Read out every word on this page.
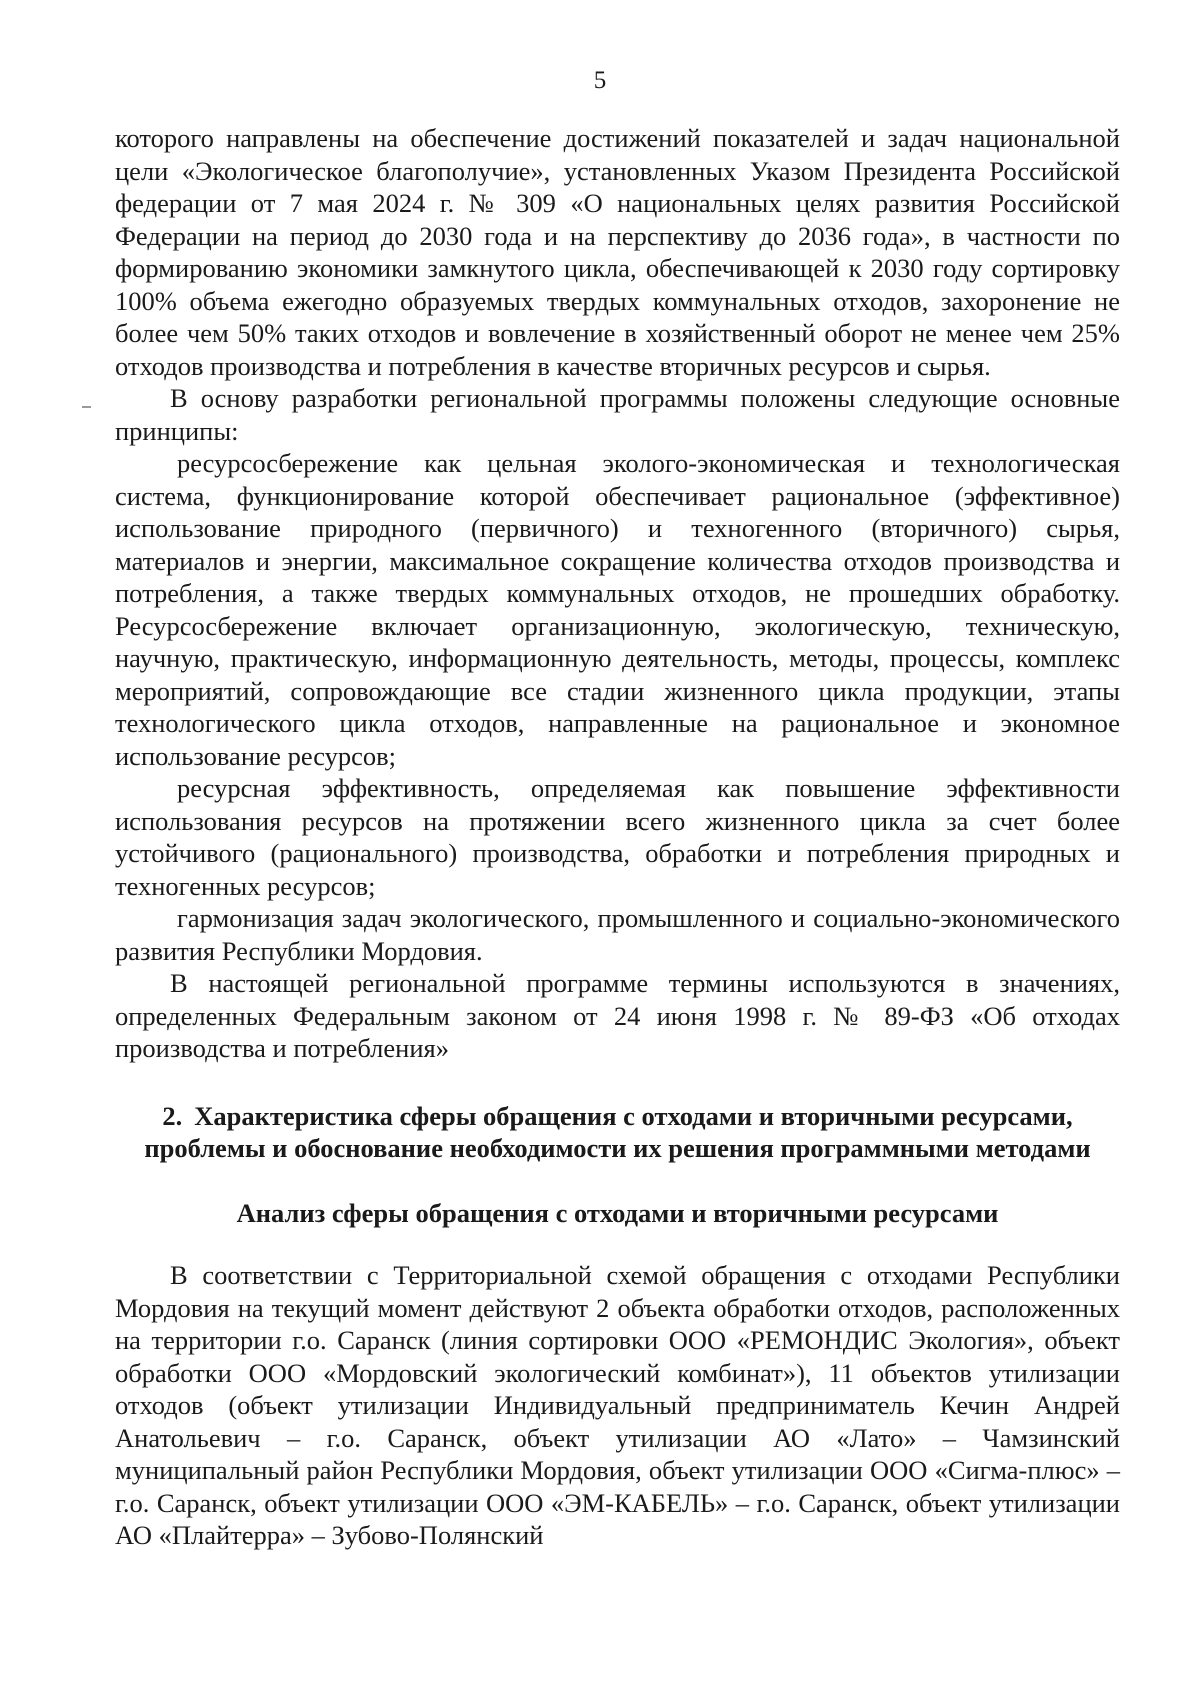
5

которого направлены на обеспечение достижений показателей и задач национальной цели «Экологическое благополучие», установленных Указом Президента Российской федерации от 7 мая 2024 г. № 309 «О национальных целях развития Российской Федерации на период до 2030 года и на перспективу до 2036 года», в частности по формированию экономики замкнутого цикла, обеспечивающей к 2030 году сортировку 100% объема ежегодно образуемых твердых коммунальных отходов, захоронение не более чем 50% таких отходов и вовлечение в хозяйственный оборот не менее чем 25% отходов производства и потребления в качестве вторичных ресурсов и сырья.

В основу разработки региональной программы положены следующие основные принципы:

ресурсосбережение как цельная эколого-экономическая и технологическая система, функционирование которой обеспечивает рациональное (эффективное) использование природного (первичного) и техногенного (вторичного) сырья, материалов и энергии, максимальное сокращение количества отходов производства и потребления, а также твердых коммунальных отходов, не прошедших обработку. Ресурсосбережение включает организационную, экологическую, техническую, научную, практическую, информационную деятельность, методы, процессы, комплекс мероприятий, сопровождающие все стадии жизненного цикла продукции, этапы технологического цикла отходов, направленные на рациональное и экономное использование ресурсов;

ресурсная эффективность, определяемая как повышение эффективности использования ресурсов на протяжении всего жизненного цикла за счет более устойчивого (рационального) производства, обработки и потребления природных и техногенных ресурсов;

гармонизация задач экологического, промышленного и социально-экономического развития Республики Мордовия.

В настоящей региональной программе термины используются в значениях, определенных Федеральным законом от 24 июня 1998 г. № 89-ФЗ «Об отходах производства и потребления»

2. Характеристика сферы обращения с отходами и вторичными ресурсами, проблемы и обоснование необходимости их решения программными методами
Анализ сферы обращения с отходами и вторичными ресурсами

В соответствии с Территориальной схемой обращения с отходами Республики Мордовия на текущий момент действуют 2 объекта обработки отходов, расположенных на территории г.о. Саранск (линия сортировки ООО «РЕМОНДИС Экология», объект обработки ООО «Мордовский экологический комбинат»), 11 объектов утилизации отходов (объект утилизации Индивидуальный предприниматель Кечин Андрей Анатольевич – г.о. Саранск, объект утилизации АО «Лато» – Чамзинский муниципальный район Республики Мордовия, объект утилизации ООО «Сигма-плюс» – г.о. Саранск, объект утилизации ООО «ЭМ-КАБЕЛЬ» – г.о. Саранск, объект утилизации АО «Плайтерра» – Зубово-Полянский
